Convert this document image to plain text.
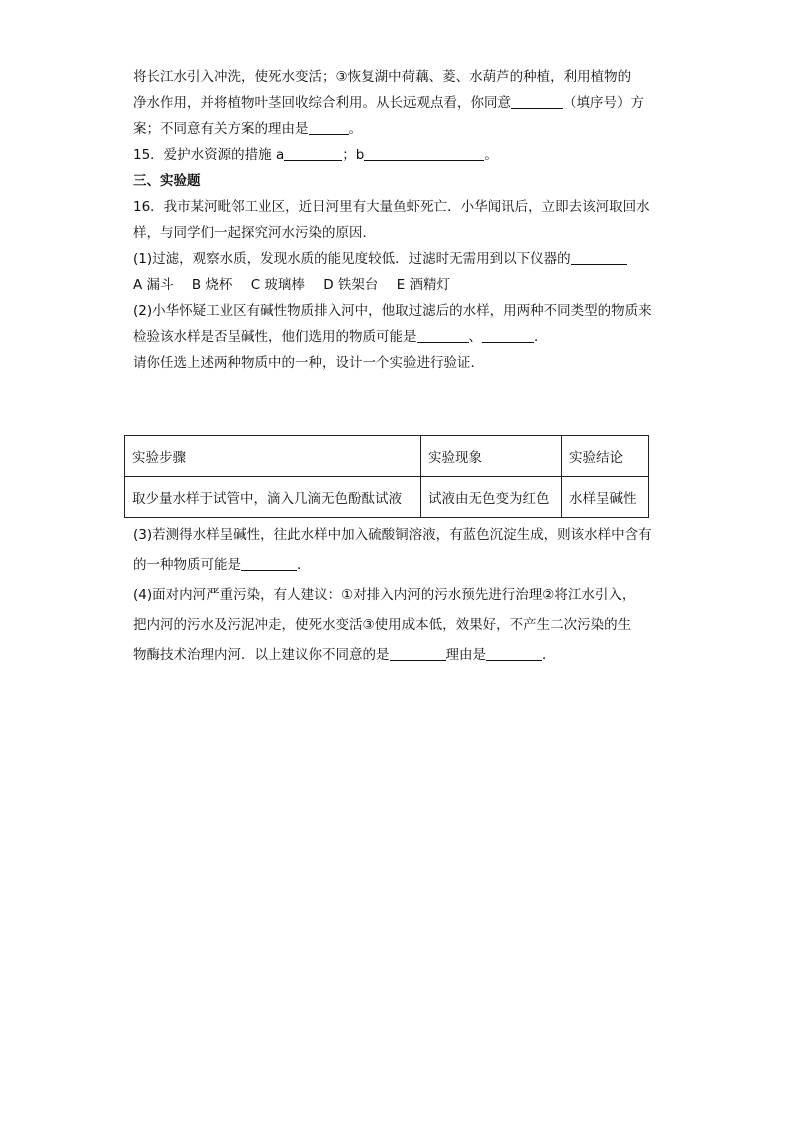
将长江水引入冲洗，使死水变活；③恢复湖中荷藕、菱、水葫芦的种植，利用植物的
净水作用，并将植物叶茎回收综合利用。从长远观点看，你同意	（填序号）方
案；不同意有关方案的理由是	。
15．爱护水资源的措施 a	；b	。
三、实验题
16．我市某河毗邻工业区，近日河里有大量鱼虾死亡．小华闻讯后，立即去该河取回水
样，与同学们一起探究河水污染的原因．
(1)过滤，观察水质，发现水质的能见度较低．过滤时无需用到以下仪器的
A 漏斗 B 烧杯 C 玻璃棒 D 铁架台 E 酒精灯
(2)小华怀疑工业区有碱性物质排入河中，他取过滤后的水样，用两种不同类型的物质来
检验该水样是否呈碱性，他们选用的物质可能是	、	．
请你任选上述两种物质中的一种，设计一个实验进行验证．
实验步骤	实验现象	实验结论
取少量水样于试管中，滴入几滴无色酚酞试液	试液由无色变为红色	水样呈碱性
(3)若测得水样呈碱性，往此水样中加入硫酸铜溶液，有蓝色沉淀生成，则该水样中含有
的一种物质可能是	．
(4)面对内河严重污染，有人建议：①对排入内河的污水预先进行治理②将江水引入，
把内河的污水及污泥冲走，使死水变活③使用成本低，效果好，不产生二次污染的生
物酶技术治理内河．以上建议你不同意的是	理由是	．
